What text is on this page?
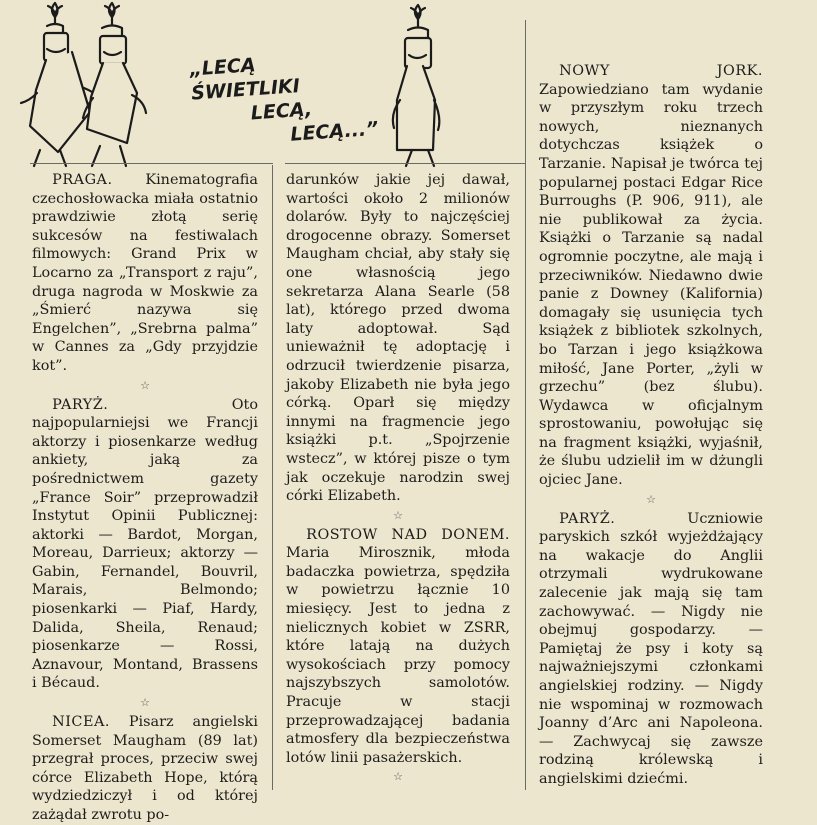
„LECĄ ŚWIETLIKI
LECĄ,
LECĄ...”

PRAGA. Kinematografia czechosłowacka miała ostatnio prawdziwie złotą serię sukcesów na festiwalach filmowych: Grand Prix w Locarno za „Transport z raju”, druga nagroda w Moskwie za „Śmierć nazywa się Engelchen”, „Srebrna palma” w Cannes za „Gdy przyjdzie kot”.

☆

PARYŻ.	Oto najpopularniejsi we Francji aktorzy i piosenkarze według ankiety, jaką za pośrednictwem gazety „France Soir” przeprowadził Instytut Opinii Publicznej: aktorki — Bardot, Morgan, Moreau, Darrieux; aktorzy — Gabin, Fernandel, Bouvril, Marais, Belmondo; piosenkarki — Piaf, Hardy, Dalida, Sheila, Renaud; piosenkarze — Rossi, Aznavour, Montand, Brassens i Bécaud.

☆

NICEA. Pisarz angielski Somerset Maugham (89 lat) przegrał proces, przeciw swej córce Elizabeth Hope, którą wydziedziczył i od której zażądał zwrotu po-

darunków jakie jej dawał, wartości około 2 milionów dolarów. Były to najczęściej drogocenne obrazy. Somerset Maugham chciał, aby stały się one własnością jego sekretarza Alana Searle (58 lat), którego przed dwoma laty adoptował. Sąd unieważnił tę adoptację i odrzucił twierdzenie pisarza, jakoby Elizabeth nie była jego córką. Oparł się między innymi na fragmencie jego książki p.t. „Spojrzenie wstecz”, w której pisze o tym jak oczekuje narodzin swej córki Elizabeth.

☆

ROSTOW NAD DONEM. Maria Mirosznik, młoda badaczka powietrza, spędziła w powietrzu łącznie 10 miesięcy. Jest to jedna z nielicznych kobiet w ZSRR, które latają na dużych wysokościach przy pomocy najszybszych samolotów. Pracuje w stacji przeprowadzającej badania atmosfery dla bezpieczeństwa lotów linii pasażerskich.

☆

NOWY JORK. Zapowiedziano tam wydanie w przyszłym roku trzech nowych, nieznanych dotychczas książek o Tarzanie. Napisał je twórca tej popularnej postaci Edgar Rice Burroughs (P. 906, 911), ale nie publikował za życia. Książki o Tarzanie są nadal ogromnie poczytne, ale mają i przeciwników. Niedawno dwie panie z Downey (Kalifornia) domagały się usunięcia tych książek z bibliotek szkolnych, bo Tarzan i jego książkowa miłość, Jane Porter, „żyli w grzechu” (bez ślubu). Wydawca w oficjalnym sprostowaniu, powołując się na fragment książki, wyjaśnił, że ślubu udzielił im w dżungli ojciec Jane.

☆

PARYŻ.	Uczniowie paryskich szkół wyjeżdżający na wakacje do Anglii otrzymali wydrukowane zalecenie jak mają się tam zachowywać. — Nigdy nie obejmuj gospodarzy. — Pamiętaj że psy i koty są najważniejszymi członkami angielskiej rodziny. — Nigdy nie wspominaj w rozmowach Joanny d’Arc ani Napoleona. — Zachwycaj się zawsze rodziną królewską i angielskimi dziećmi.
